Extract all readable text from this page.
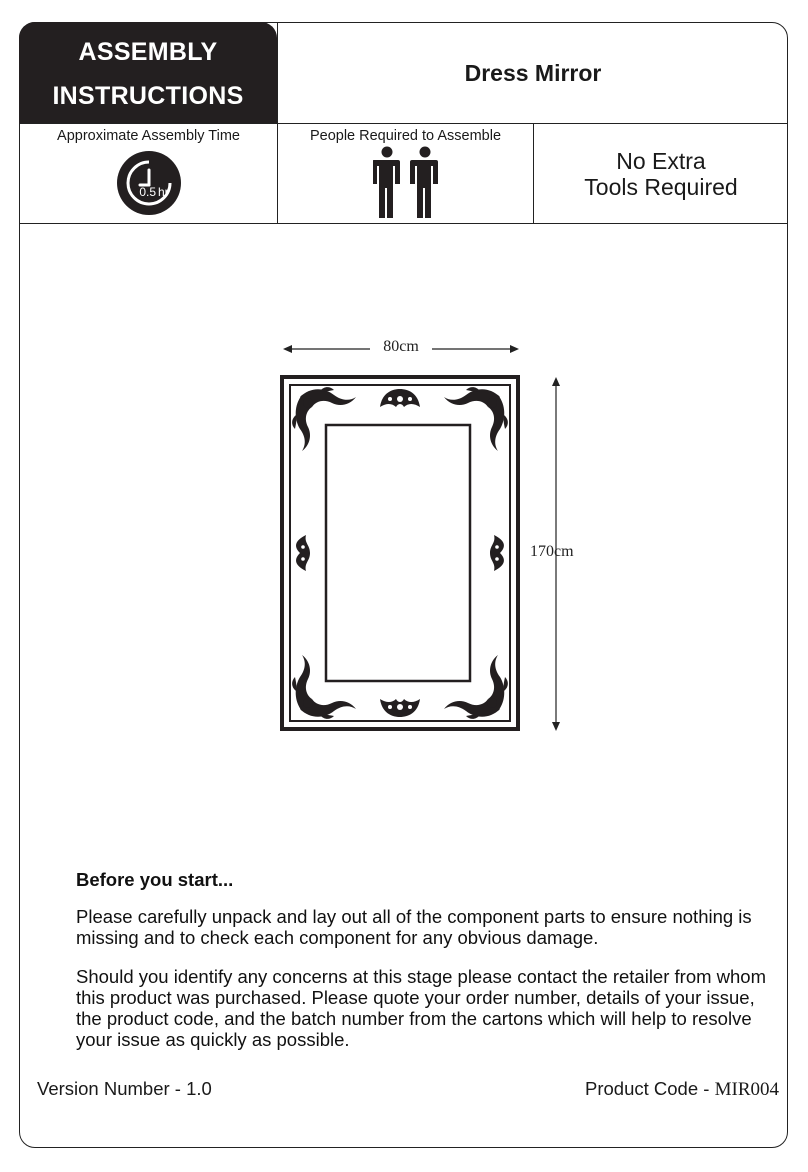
ASSEMBLY
INSTRUCTIONS
Dress Mirror
Approximate Assembly Time
0.5 hr
People Required to Assemble
No Extra
Tools Required
80cm
170cm
Before you start...
Please carefully unpack and lay out all of the component parts to ensure nothing is missing and to check each component for any obvious damage.
Should you identify any concerns at this stage please contact the retailer from whom this product was purchased. Please quote your order number, details of your issue, the product code, and the batch number from the cartons which will help to resolve your issue as quickly as possible.
Version Number - 1.0	Product Code - MIR004
